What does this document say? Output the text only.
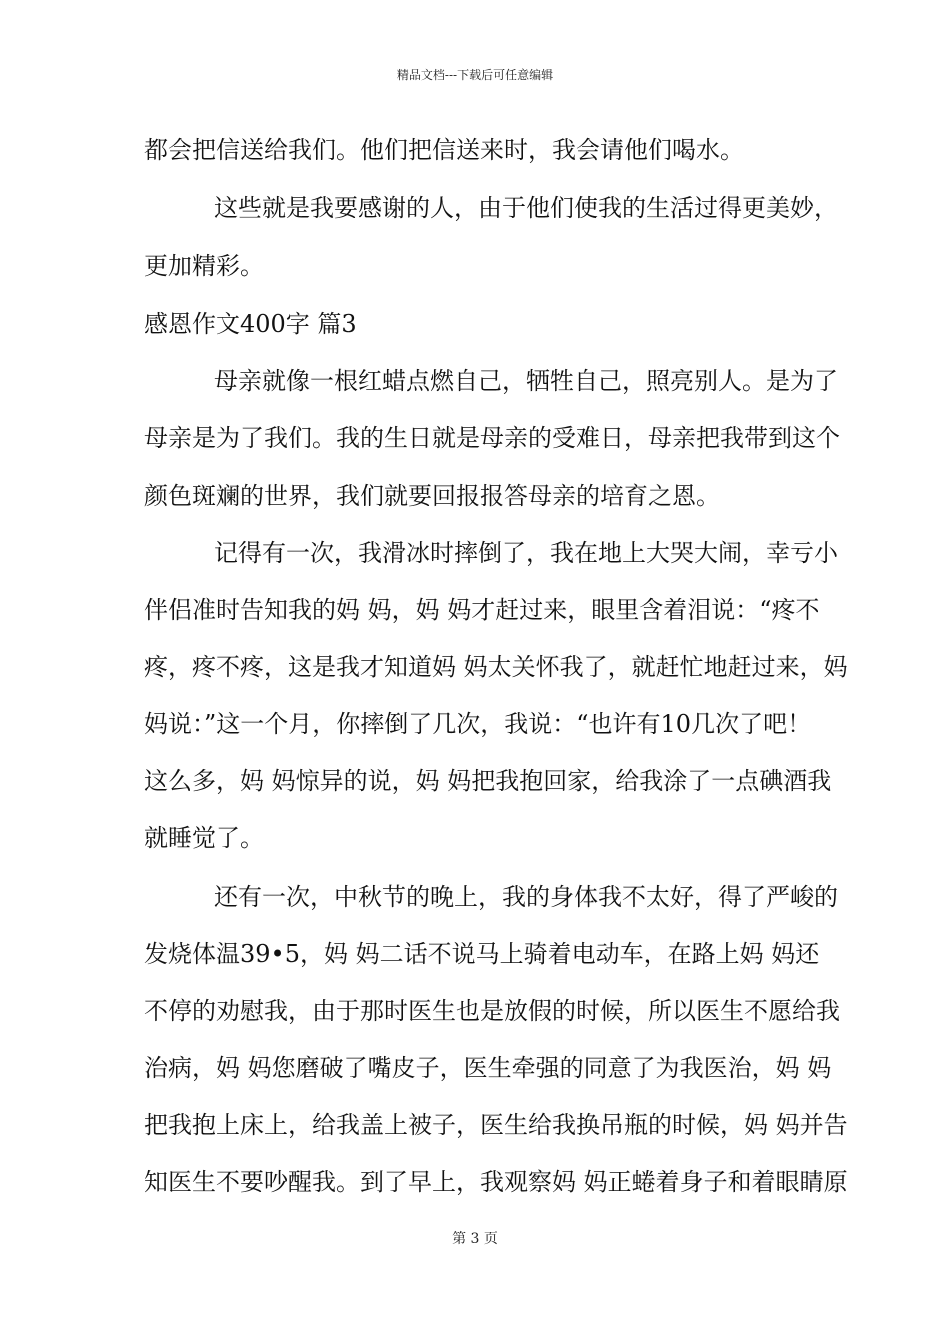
精品文档---下载后可任意编辑
都会把信送给我们。他们把信送来时，我会请他们喝水。
这些就是我要感谢的人，由于他们使我的生活过得更美妙，
更加精彩。
感恩作文400字 篇3
母亲就像一根红蜡点燃自己，牺牲自己，照亮别人。是为了
母亲是为了我们。我的生日就是母亲的受难日，母亲把我带到这个
颜色斑斓的世界，我们就要回报报答母亲的培育之恩。
记得有一次，我滑冰时摔倒了，我在地上大哭大闹，幸亏小
伴侣准时告知我的妈 妈，妈 妈才赶过来，眼里含着泪说：“疼不
疼，疼不疼，这是我才知道妈 妈太关怀我了，就赶忙地赶过来，妈
妈说：”这一个月，你摔倒了几次，我说：“也许有10几次了吧！
这么多，妈 妈惊异的说，妈 妈把我抱回家，给我涂了一点碘酒我
就睡觉了。
还有一次，中秋节的晚上，我的身体我不太好，得了严峻的
发烧体温39•5，妈 妈二话不说马上骑着电动车，在路上妈 妈还
不停的劝慰我，由于那时医生也是放假的时候，所以医生不愿给我
治病，妈 妈您磨破了嘴皮子，医生牵强的同意了为我医治，妈 妈
把我抱上床上，给我盖上被子，医生给我换吊瓶的时候，妈 妈并告
知医生不要吵醒我。到了早上，我观察妈 妈正蜷着身子和着眼睛原
第 3 页
